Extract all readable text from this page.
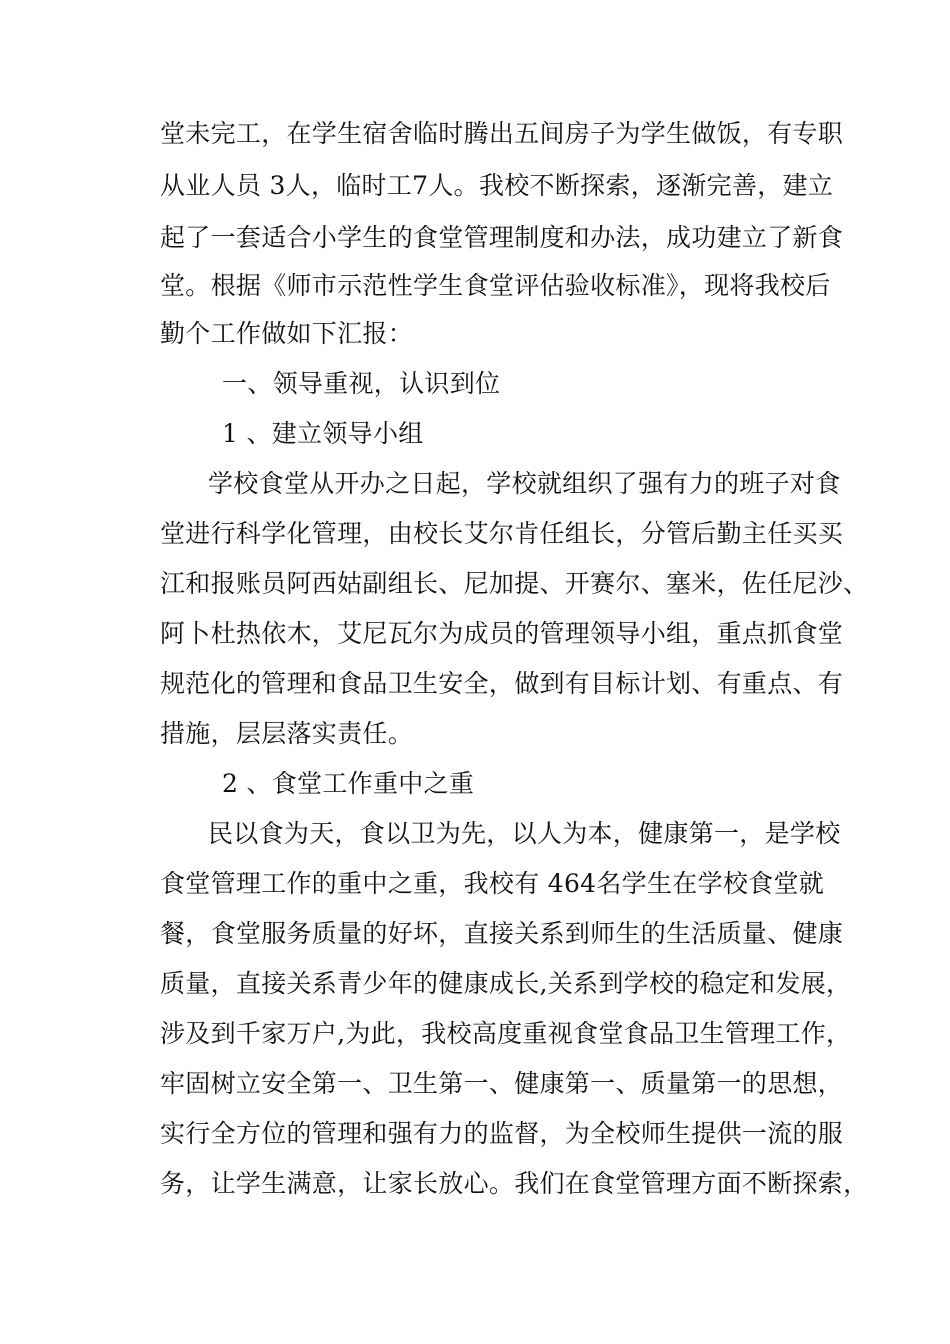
堂未完工，在学生宿舍临时腾出五间房子为学生做饭，有专职
从业人员 3人，临时工7人。我校不断探索，逐渐完善，建立
起了一套适合小学生的食堂管理制度和办法，成功建立了新食
堂。根据《师市示范性学生食堂评估验收标准》，现将我校后
勤个工作做如下汇报：
一、领导重视，认识到位
1 、建立领导小组
学校食堂从开办之日起，学校就组织了强有力的班子对食
堂进行科学化管理，由校长艾尔肯任组长，分管后勤主任买买
江和报账员阿西姑副组长、尼加提、开赛尔、塞米，佐任尼沙、
阿卜杜热依木，艾尼瓦尔为成员的管理领导小组，重点抓食堂
规范化的管理和食品卫生安全，做到有目标计划、有重点、有
措施，层层落实责任。
2 、食堂工作重中之重
民以食为天，食以卫为先，以人为本，健康第一，是学校
食堂管理工作的重中之重，我校有 464名学生在学校食堂就
餐，食堂服务质量的好坏，直接关系到师生的生活质量、健康
质量，直接关系青少年的健康成长,关系到学校的稳定和发展，
涉及到千家万户,为此，我校高度重视食堂食品卫生管理工作，
牢固树立安全第一、卫生第一、健康第一、质量第一的思想，
实行全方位的管理和强有力的监督，为全校师生提供一流的服
务，让学生满意，让家长放心。我们在食堂管理方面不断探索，
